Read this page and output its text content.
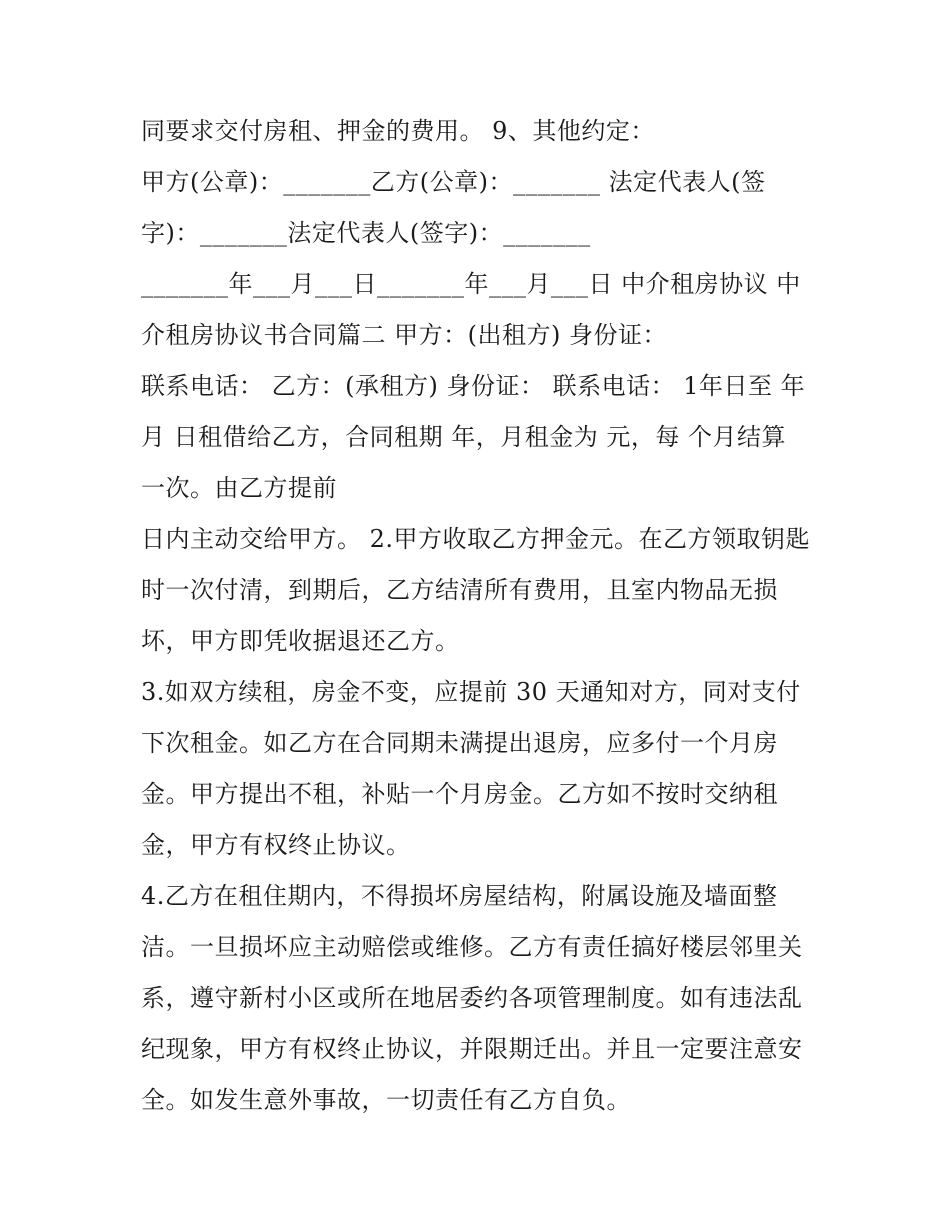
同要求交付房租、押金的费用。 9、其他约定：
甲方(公章)：_______乙方(公章)：_______ 法定代表人(签
字)：_______法定代表人(签字)：_______
_______年___月___日_______年___月___日 中介租房协议 中
介租房协议书合同篇二 甲方：(出租方) 身份证：
联系电话： 乙方：(承租方) 身份证： 联系电话： 1年日至 年
月 日租借给乙方，合同租期 年，月租金为 元，每 个月结算
一次。由乙方提前
日内主动交给甲方。 2.甲方收取乙方押金元。在乙方领取钥匙
时一次付清，到期后，乙方结清所有费用，且室内物品无损
坏，甲方即凭收据退还乙方。
3.如双方续租，房金不变，应提前 30 天通知对方，同对支付
下次租金。如乙方在合同期未满提出退房，应多付一个月房
金。甲方提出不租，补贴一个月房金。乙方如不按时交纳租
金，甲方有权终止协议。
4.乙方在租住期内，不得损坏房屋结构，附属设施及墙面整
洁。一旦损坏应主动赔偿或维修。乙方有责任搞好楼层邻里关
系，遵守新村小区或所在地居委约各项管理制度。如有违法乱
纪现象，甲方有权终止协议，并限期迁出。并且一定要注意安
全。如发生意外事故，一切责任有乙方自负。
